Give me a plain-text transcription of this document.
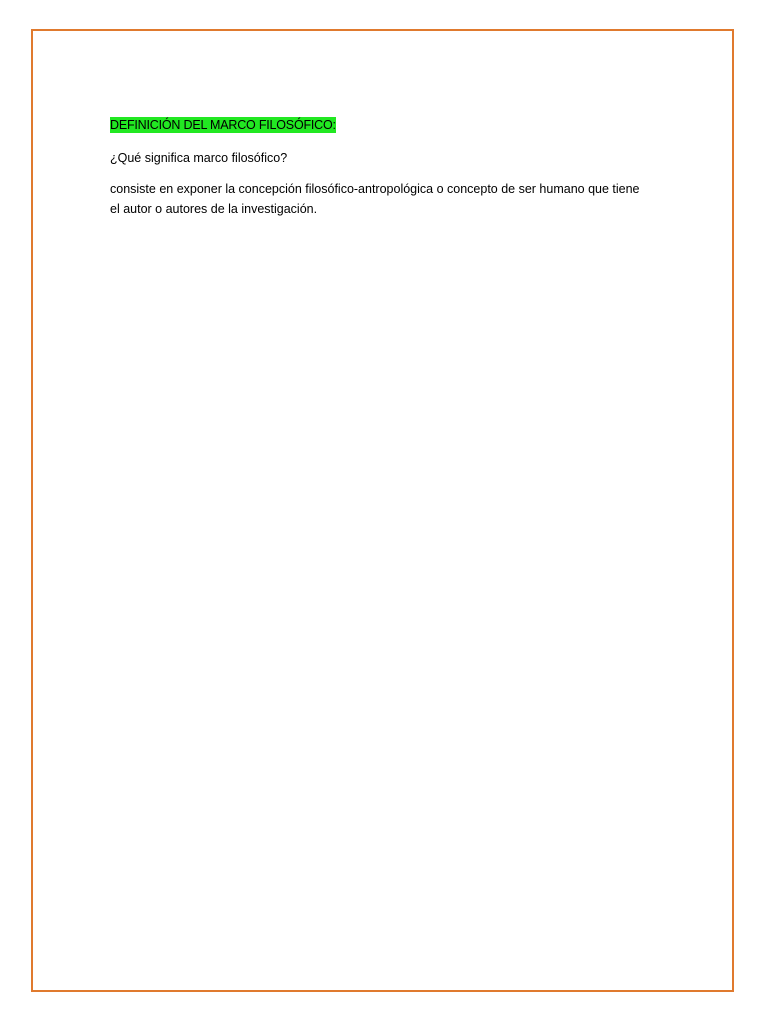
DEFINICIÓN DEL MARCO FILOSÓFICO:

¿Qué significa marco filosófico?

consiste en exponer la concepción filosófico-antropológica o concepto de ser humano que tiene el autor o autores de la investigación.
